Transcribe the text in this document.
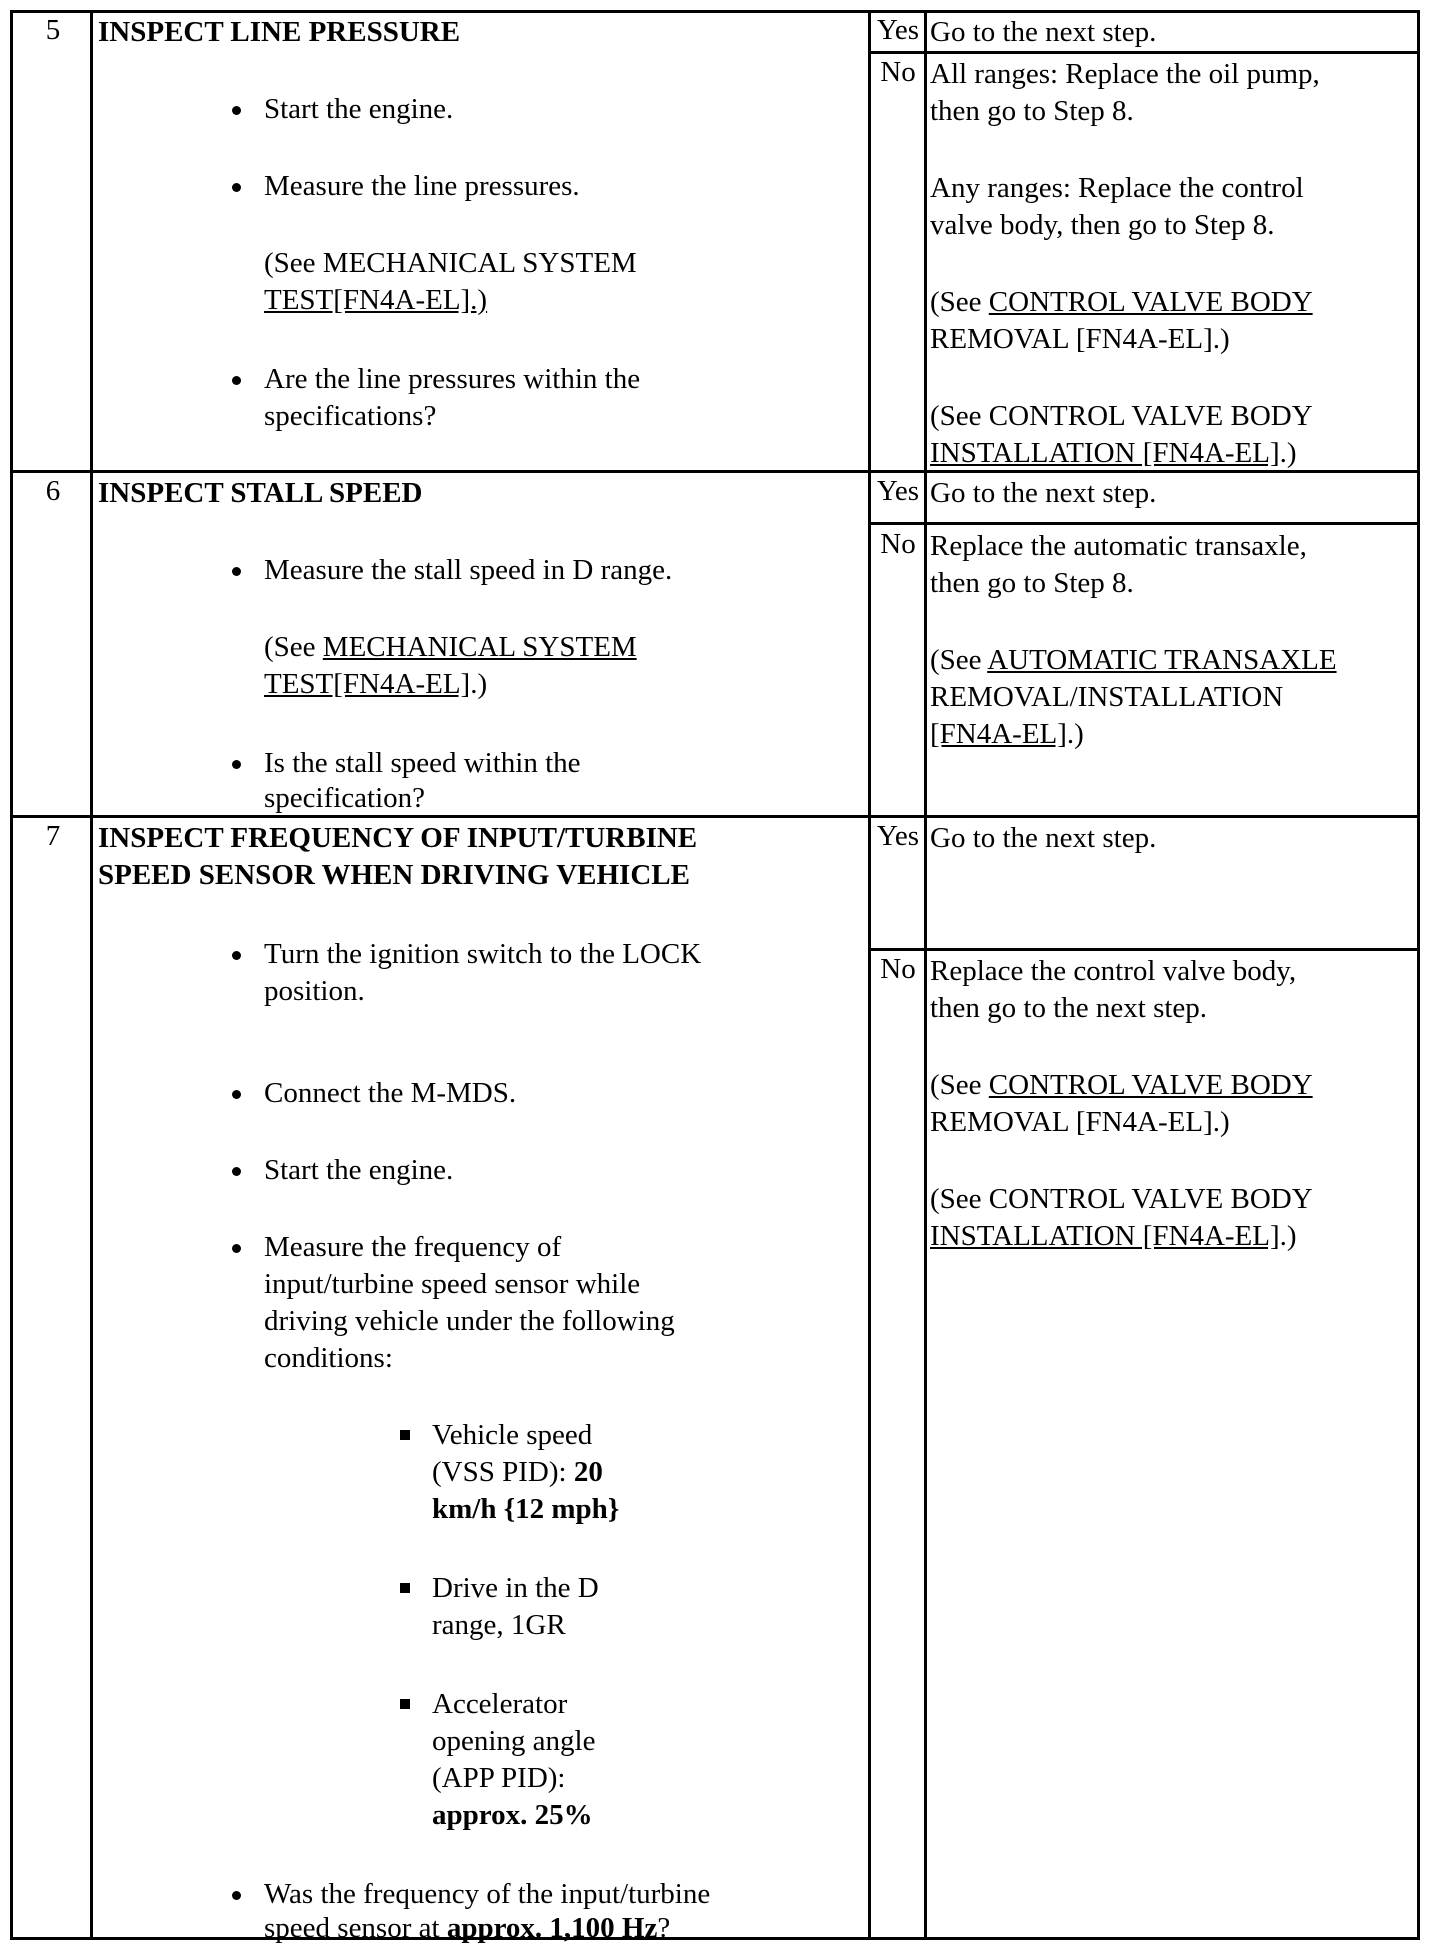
5	INSPECT LINE PRESSURE
Start the engine.
Measure the line pressures.
(See MECHANICAL SYSTEM
TEST[FN4A-EL].)
Are the line pressures within the
specifications?
Yes Go to the next step.
No All ranges: Replace the oil pump,
then go to Step 8.
Any ranges: Replace the control
valve body, then go to Step 8.
(See CONTROL VALVE BODY
REMOVAL [FN4A-EL].)
(See CONTROL VALVE BODY
INSTALLATION [FN4A-EL].)
6	INSPECT STALL SPEED
Measure the stall speed in D range.
(See MECHANICAL SYSTEM
TEST[FN4A-EL].)
Is the stall speed within the
specification?
Yes Go to the next step.
No Replace the automatic transaxle,
then go to Step 8.
(See AUTOMATIC TRANSAXLE
REMOVAL/INSTALLATION
[FN4A-EL].)
7	INSPECT FREQUENCY OF INPUT/TURBINE
SPEED SENSOR WHEN DRIVING VEHICLE
Turn the ignition switch to the LOCK
position.
Connect the M-MDS.
Start the engine.
Measure the frequency of
input/turbine speed sensor while
driving vehicle under the following
conditions:
Vehicle speed
(VSS PID): 20
km/h {12 mph}
Drive in the D
range, 1GR
Accelerator
opening angle
(APP PID):
approx. 25%
Was the frequency of the input/turbine
speed sensor at approx. 1,100 Hz?
Yes Go to the next step.
No Replace the control valve body,
then go to the next step.
(See CONTROL VALVE BODY
REMOVAL [FN4A-EL].)
(See CONTROL VALVE BODY
INSTALLATION [FN4A-EL].)
